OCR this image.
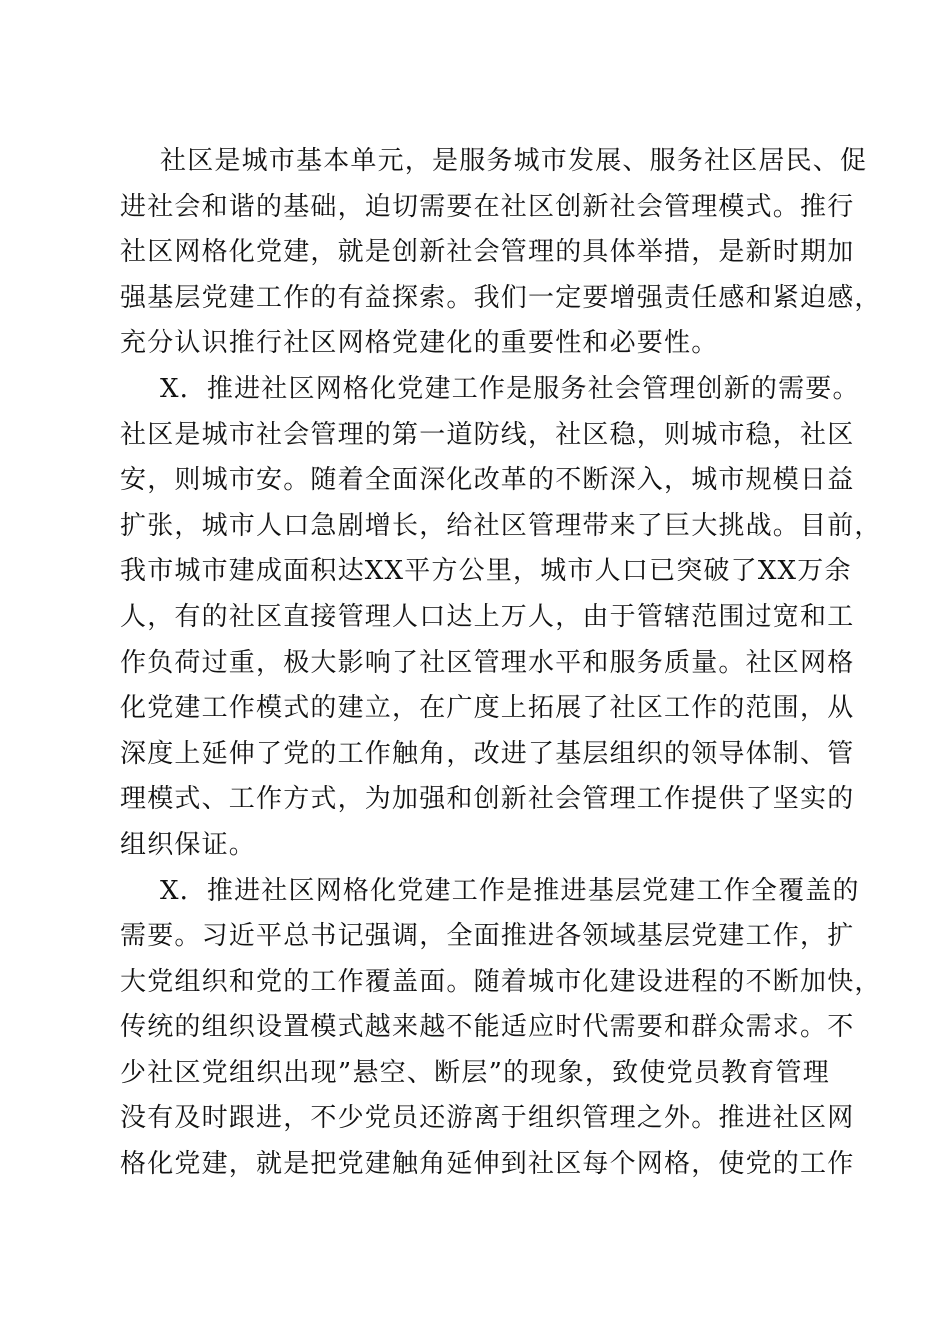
社区是城市基本单元，是服务城市发展、服务社区居民、促
进社会和谐的基础，迫切需要在社区创新社会管理模式。推行
社区网格化党建，就是创新社会管理的具体举措，是新时期加
强基层党建工作的有益探索。我们一定要增强责任感和紧迫感，
充分认识推行社区网格党建化的重要性和必要性。
X．推进社区网格化党建工作是服务社会管理创新的需要。
社区是城市社会管理的第一道防线，社区稳，则城市稳，社区
安，则城市安。随着全面深化改革的不断深入，城市规模日益
扩张，城市人口急剧增长，给社区管理带来了巨大挑战。目前，
我市城市建成面积达XX平方公里，城市人口已突破了XX万余
人，有的社区直接管理人口达上万人，由于管辖范围过宽和工
作负荷过重，极大影响了社区管理水平和服务质量。社区网格
化党建工作模式的建立，在广度上拓展了社区工作的范围，从
深度上延伸了党的工作触角，改进了基层组织的领导体制、管
理模式、工作方式，为加强和创新社会管理工作提供了坚实的
组织保证。
X．推进社区网格化党建工作是推进基层党建工作全覆盖的
需要。习近平总书记强调，全面推进各领域基层党建工作，扩
大党组织和党的工作覆盖面。随着城市化建设进程的不断加快，
传统的组织设置模式越来越不能适应时代需要和群众需求。不
少社区党组织出现”悬空、断层”的现象，致使党员教育管理
没有及时跟进，不少党员还游离于组织管理之外。推进社区网
格化党建，就是把党建触角延伸到社区每个网格，使党的工作
